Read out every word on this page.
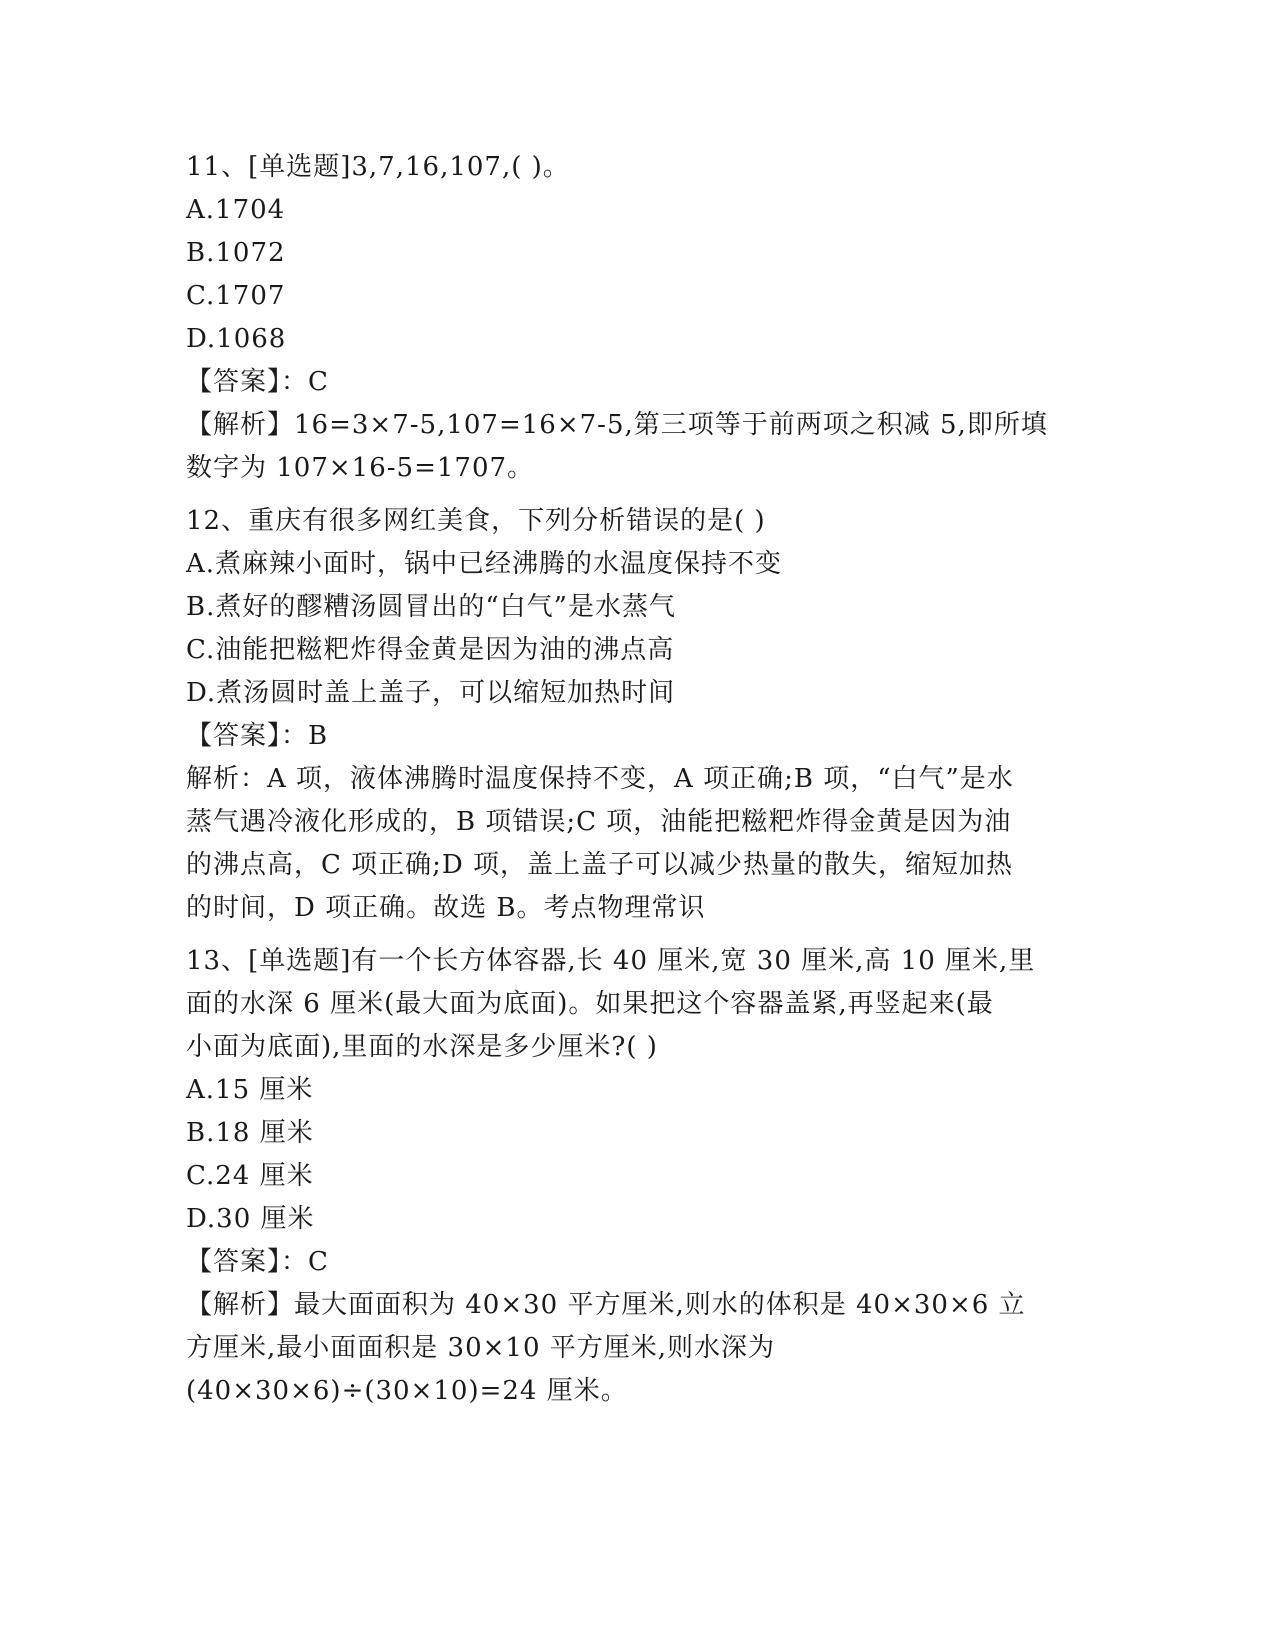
11、[单选题]3,7,16,107,( )。
A.1704
B.1072
C.1707
D.1068
【答案】：C
【解析】16=3×7-5,107=16×7-5,第三项等于前两项之积减 5,即所填
数字为 107×16-5=1707。
12、重庆有很多网红美食，下列分析错误的是( )
A.煮麻辣小面时，锅中已经沸腾的水温度保持不变
B.煮好的醪糟汤圆冒出的“白气”是水蒸气
C.油能把糍粑炸得金黄是因为油的沸点高
D.煮汤圆时盖上盖子，可以缩短加热时间
【答案】：B
解析：A 项，液体沸腾时温度保持不变，A 项正确;B 项，“白气”是水
蒸气遇冷液化形成的，B 项错误;C 项，油能把糍粑炸得金黄是因为油
的沸点高，C 项正确;D 项，盖上盖子可以减少热量的散失，缩短加热
的时间，D 项正确。故选 B。考点物理常识
13、[单选题]有一个长方体容器,长 40 厘米,宽 30 厘米,高 10 厘米,里
面的水深 6 厘米(最大面为底面)。如果把这个容器盖紧,再竖起来(最
小面为底面),里面的水深是多少厘米?( )
A.15 厘米
B.18 厘米
C.24 厘米
D.30 厘米
【答案】：C
【解析】最大面面积为 40×30 平方厘米,则水的体积是 40×30×6 立
方厘米,最小面面积是 30×10 平方厘米,则水深为
(40×30×6)÷(30×10)=24 厘米。
